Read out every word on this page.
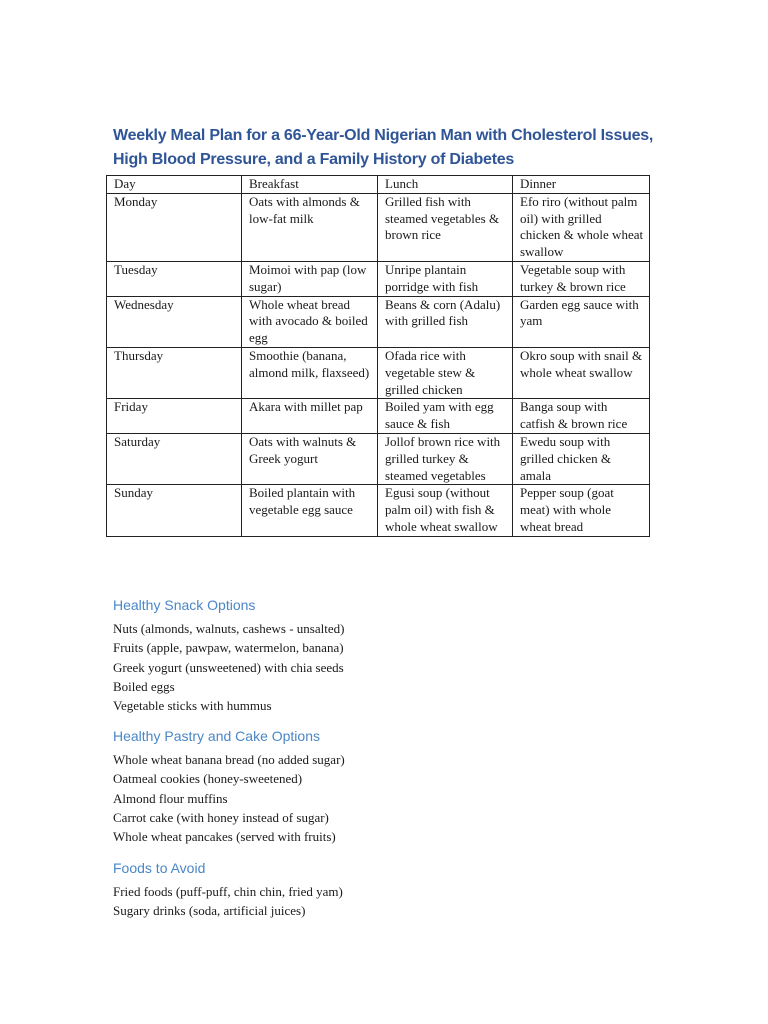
Weekly Meal Plan for a 66-Year-Old Nigerian Man with Cholesterol Issues, High Blood Pressure, and a Family History of Diabetes
Day	Breakfast	Lunch	Dinner
Monday	Oats with almonds & low-fat milk	Grilled fish with steamed vegetables & brown rice	Efo riro (without palm oil) with grilled chicken & whole wheat swallow
Tuesday	Moimoi with pap (low sugar)	Unripe plantain porridge with fish	Vegetable soup with turkey & brown rice
Wednesday	Whole wheat bread with avocado & boiled egg	Beans & corn (Adalu) with grilled fish	Garden egg sauce with yam
Thursday	Smoothie (banana, almond milk, flaxseed)	Ofada rice with vegetable stew & grilled chicken	Okro soup with snail & whole wheat swallow
Friday	Akara with millet pap	Boiled yam with egg sauce & fish	Banga soup with catfish & brown rice
Saturday	Oats with walnuts & Greek yogurt	Jollof brown rice with grilled turkey & steamed vegetables	Ewedu soup with grilled chicken & amala
Sunday	Boiled plantain with vegetable egg sauce	Egusi soup (without palm oil) with fish & whole wheat swallow	Pepper soup (goat meat) with whole wheat bread
Healthy Snack Options
Nuts (almonds, walnuts, cashews - unsalted)
Fruits (apple, pawpaw, watermelon, banana)
Greek yogurt (unsweetened) with chia seeds
Boiled eggs
Vegetable sticks with hummus
Healthy Pastry and Cake Options
Whole wheat banana bread (no added sugar)
Oatmeal cookies (honey-sweetened)
Almond flour muffins
Carrot cake (with honey instead of sugar)
Whole wheat pancakes (served with fruits)
Foods to Avoid
Fried foods (puff-puff, chin chin, fried yam)
Sugary drinks (soda, artificial juices)
